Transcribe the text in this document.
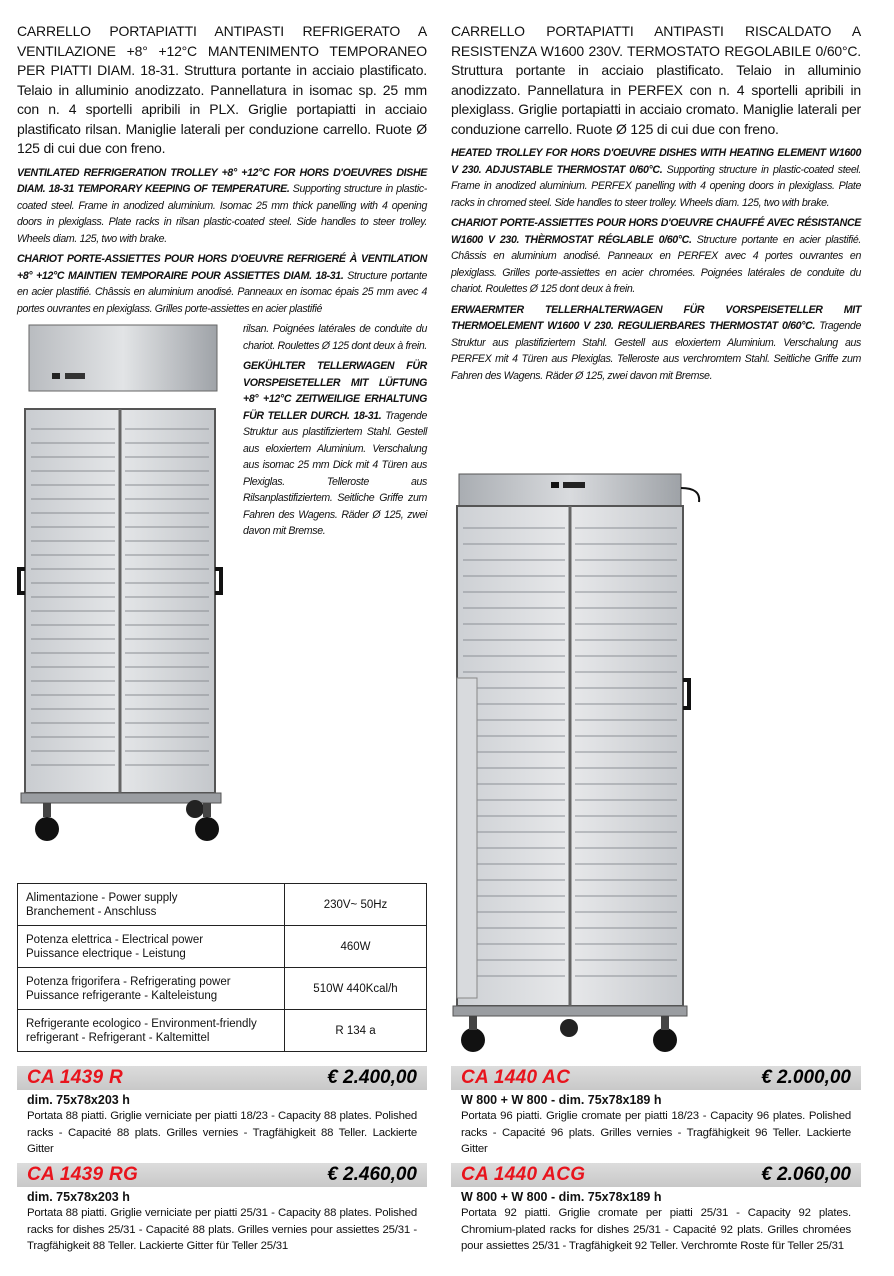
CARRELLO PORTAPIATTI ANTIPASTI REFRIGERATO A VENTILAZIONE +8° +12°C MANTENIMENTO TEMPORANEO PER PIATTI DIAM. 18-31. Struttura portante in acciaio plastificato. Telaio in alluminio anodizzato. Pannellatura in isomac sp. 25 mm con n. 4 sportelli apribili in PLX. Griglie portapiatti in acciaio plastificato rilsan. Maniglie laterali per conduzione carrello. Ruote Ø 125 di cui due con freno.

VENTILATED REFRIGERATION TROLLEY +8° +12°C FOR HORS D'OEUVRES DISHE DIAM. 18-31 TEMPORARY KEEPING OF TEMPERATURE. Supporting structure in plastic-coated steel. Frame in anodized aluminium. Isomac 25 mm thick panelling with 4 opening doors in plexiglass. Plate racks in rilsan plastic-coated steel. Side handles to steer trolley. Wheels diam. 125, two with brake.

CHARIOT PORTE-ASSIETTES POUR HORS D'OEUVRE REFRIGERÉ À VENTILATION +8° +12°C MAINTIEN TEMPORAIRE POUR ASSIETTES DIAM. 18-31. Structure portante en acier plastifié. Châssis en aluminium anodisé. Panneaux en isomac épais 25 mm avec 4 portes ouvrantes en plexiglass. Grilles porte-assiettes en acier plastifié

rilsan. Poignées latérales de conduite du chariot. Roulettes Ø 125 dont deux à frein.

GEKÜHLTER TELLERWAGEN FÜR VORSPEISETELLER MIT LÜFTUNG +8° +12°C ZEITWEILIGE ERHALTUNG FÜR TELLER DURCH. 18-31. Tragende Struktur aus plastifiziertem Stahl. Gestell aus eloxiertem Aluminium. Verschalung aus isomac 25 mm Dick mit 4 Türen aus Plexiglas. Telleroste aus Rilsanplastifiziertem. Seitliche Griffe zum Fahren des Wagens. Räder Ø 125, zwei davon mit Bremse.

CARRELLO PORTAPIATTI ANTIPASTI RISCALDATO A RESISTENZA W1600 230V. TERMOSTATO REGOLABILE 0/60°C. Struttura portante in acciaio plastificato. Telaio in alluminio anodizzato. Pannellatura in PERFEX con n. 4 sportelli apribili in plexiglass. Griglie portapiatti in acciaio cromato. Maniglie laterali per conduzione carrello. Ruote Ø 125 di cui due con freno.

HEATED TROLLEY FOR HORS D'OEUVRE DISHES WITH HEATING ELEMENT W1600 V 230. ADJUSTABLE THERMOSTAT 0/60°C. Supporting structure in plastic-coated steel. Frame in anodized aluminium. PERFEX panelling with 4 opening doors in plexiglass. Plate racks in chromed steel. Side handles to steer trolley. Wheels diam. 125, two with brake.

CHARIOT PORTE-ASSIETTES POUR HORS D'OEUVRE CHAUFFÉ AVEC RÉSISTANCE W1600 V 230. THÈRMOSTAT RÉGLABLE 0/60°C. Structure portante en acier plastifié. Châssis en aluminium anodisé. Panneaux en PERFEX avec 4 portes ouvrantes en plexiglass. Grilles porte-assiettes en acier chromées. Poignées latérales de conduite du chariot. Roulettes Ø 125 dont deux à frein.

ERWAERMTER TELLERHALTERWAGEN FÜR VORSPEISETELLER MIT THERMOELEMENT W1600 V 230. REGULIERBARES THERMOSTAT 0/60°C. Tragende Struktur aus plastifiziertem Stahl. Gestell aus eloxiertem Aluminium. Verschalung aus PERFEX mit 4 Türen aus Plexiglas. Telleroste aus verchromtem Stahl. Seitliche Griffe zum Fahren des Wagens. Räder Ø 125, zwei davon mit Bremse.

Alimentazione - Power supply
Branchement - Anschluss	230V~ 50Hz
Potenza elettrica - Electrical power
Puissance electrique - Leistung	460W
Potenza frigorifera - Refrigerating power
Puissance refrigerante - Kalteleistung	510W 440Kcal/h
Refrigerante ecologico - Environment-friendly
refrigerant - Refrigerant - Kaltemittel	R 134 a
CA 1439 R	€ 2.400,00
dim. 75x78x203 h
Portata 88 piatti. Griglie verniciate per piatti 18/23 - Capacity 88 plates. Polished racks - Capacité 88 plats. Grilles vernies - Tragfähigkeit 88 Teller. Lackierte Gitter
CA 1439 RG	€ 2.460,00
dim. 75x78x203 h
Portata 88 piatti. Griglie verniciate per piatti 25/31 - Capacity 88 plates. Polished racks for dishes 25/31 - Capacité 88 plats. Grilles vernies pour assiettes 25/31 - Tragfähigkeit 88 Teller. Lackierte Gitter für Teller 25/31
CA 1440 AC	€ 2.000,00
W 800 + W 800 - dim. 75x78x189 h
Portata 96 piatti. Griglie cromate per piatti 18/23 - Capacity 96 plates. Polished racks - Capacité 96 plats. Grilles vernies - Tragfähigkeit 96 Teller. Lackierte Gitter
CA 1440 ACG	€ 2.060,00
W 800 + W 800 - dim. 75x78x189 h
Portata 92 piatti. Griglie cromate per piatti 25/31 - Capacity 92 plates. Chromium-plated racks for dishes 25/31 - Capacité 92 plats. Grilles chromées pour assiettes 25/31 - Tragfähigkeit 92 Teller. Verchromte Roste für Teller 25/31
